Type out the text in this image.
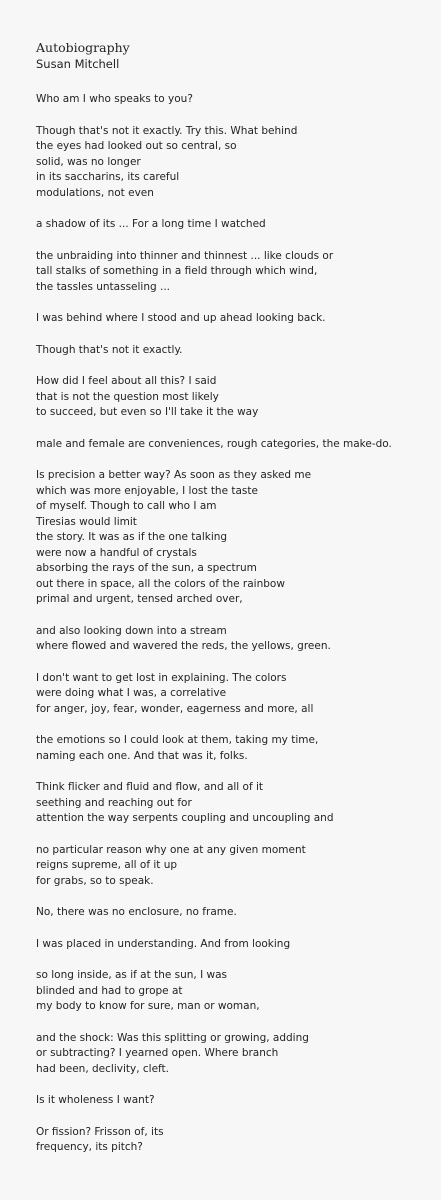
Autobiography
Susan Mitchell
Who am I who speaks to you?
Though that's not it exactly. Try this. What behind
the eyes had looked out so central, so
solid, was no longer
in its saccharins, its careful
modulations, not even
a shadow of its ... For a long time I watched
the unbraiding into thinner and thinnest ... like clouds or
tall stalks of something in a field through which wind,
the tassles untasseling ...
I was behind where I stood and up ahead looking back.
Though that's not it exactly.
How did I feel about all this? I said
that is not the question most likely
to succeed, but even so I'll take it the way
male and female are conveniences, rough categories, the make-do.
Is precision a better way? As soon as they asked me
which was more enjoyable, I lost the taste
of myself. Though to call who I am
Tiresias would limit
the story. It was as if the one talking
were now a handful of crystals
absorbing the rays of the sun, a spectrum
out there in space, all the colors of the rainbow
primal and urgent, tensed arched over,
and also looking down into a stream
where flowed and wavered the reds, the yellows, green.
I don't want to get lost in explaining. The colors
were doing what I was, a correlative
for anger, joy, fear, wonder, eagerness and more, all
the emotions so I could look at them, taking my time,
naming each one. And that was it, folks.
Think flicker and fluid and flow, and all of it
seething and reaching out for
attention the way serpents coupling and uncoupling and
no particular reason why one at any given moment
reigns supreme, all of it up
for grabs, so to speak.
No, there was no enclosure, no frame.
I was placed in understanding. And from looking
so long inside, as if at the sun, I was
blinded and had to grope at
my body to know for sure, man or woman,
and the shock: Was this splitting or growing, adding
or subtracting? I yearned open. Where branch
had been, declivity, cleft.
Is it wholeness I want?
Or fission? Frisson of, its
frequency, its pitch?
